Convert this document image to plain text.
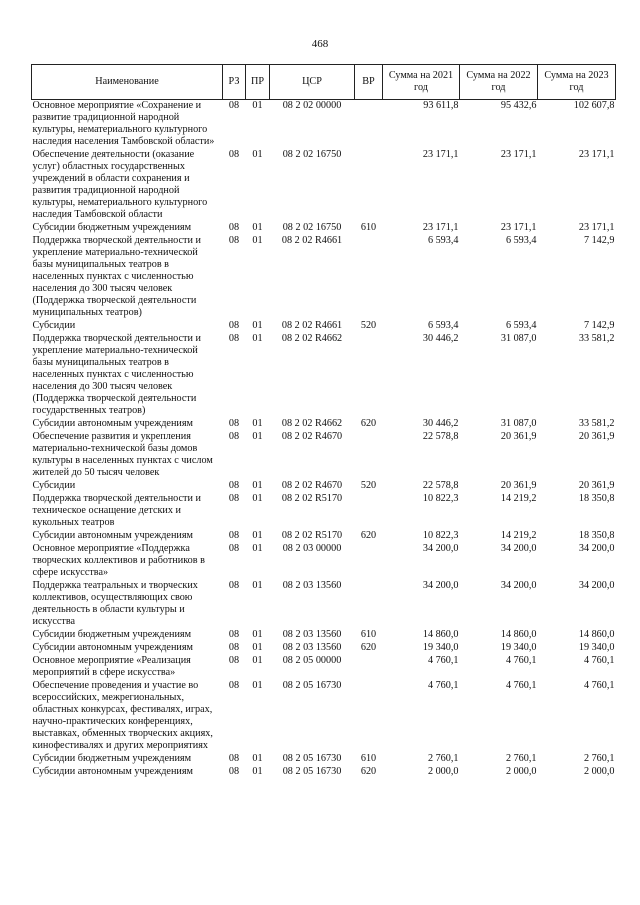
468
Наименование	РЗ	ПР	ЦСР	ВР	Сумма на 2021 год	Сумма на 2022 год	Сумма на 2023 год
Основное мероприятие «Сохранение и развитие традиционной народной культуры, нематериального культурного наследия населения Тамбовской области»	08	01	08 2 02 00000		93 611,8	95 432,6	102 607,8
Обеспечение деятельности (оказание услуг) областных государственных учреждений в области сохранения и развития традиционной народной культуры, нематериального культурного наследия Тамбовской области	08	01	08 2 02 16750		23 171,1	23 171,1	23 171,1
Субсидии бюджетным учреждениям	08	01	08 2 02 16750	610	23 171,1	23 171,1	23 171,1
Поддержка творческой деятельности и укрепление материально-технической базы муниципальных театров в населенных пунктах с численностью населения до 300 тысяч человек (Поддержка творческой деятельности муниципальных театров)	08	01	08 2 02 R4661		6 593,4	6 593,4	7 142,9
Субсидии	08	01	08 2 02 R4661	520	6 593,4	6 593,4	7 142,9
Поддержка творческой деятельности и укрепление материально-технической базы муниципальных театров в населенных пунктах с численностью населения до 300 тысяч человек (Поддержка творческой деятельности государственных театров)	08	01	08 2 02 R4662		30 446,2	31 087,0	33 581,2
Субсидии автономным учреждениям	08	01	08 2 02 R4662	620	30 446,2	31 087,0	33 581,2
Обеспечение развития и укрепления материально-технической базы домов культуры в населенных пунктах с числом жителей до 50 тысяч человек	08	01	08 2 02 R4670		22 578,8	20 361,9	20 361,9
Субсидии	08	01	08 2 02 R4670	520	22 578,8	20 361,9	20 361,9
Поддержка творческой деятельности и техническое оснащение детских и кукольных театров	08	01	08 2 02 R5170		10 822,3	14 219,2	18 350,8
Субсидии автономным учреждениям	08	01	08 2 02 R5170	620	10 822,3	14 219,2	18 350,8
Основное мероприятие «Поддержка творческих коллективов и работников в сфере искусства»	08	01	08 2 03 00000		34 200,0	34 200,0	34 200,0
Поддержка театральных и творческих коллективов, осуществляющих свою деятельность в области культуры и искусства	08	01	08 2 03 13560		34 200,0	34 200,0	34 200,0
Субсидии бюджетным учреждениям	08	01	08 2 03 13560	610	14 860,0	14 860,0	14 860,0
Субсидии автономным учреждениям	08	01	08 2 03 13560	620	19 340,0	19 340,0	19 340,0
Основное мероприятие «Реализация мероприятий в сфере искусства»	08	01	08 2 05 00000		4 760,1	4 760,1	4 760,1
Обеспечение проведения и участие во всероссийских, межрегиональных, областных конкурсах, фестивалях, играх, научно-практических конференциях, выставках, обменных творческих акциях, кинофестивалях и других мероприятиях	08	01	08 2 05 16730		4 760,1	4 760,1	4 760,1
Субсидии бюджетным учреждениям	08	01	08 2 05 16730	610	2 760,1	2 760,1	2 760,1
Субсидии автономным учреждениям	08	01	08 2 05 16730	620	2 000,0	2 000,0	2 000,0
